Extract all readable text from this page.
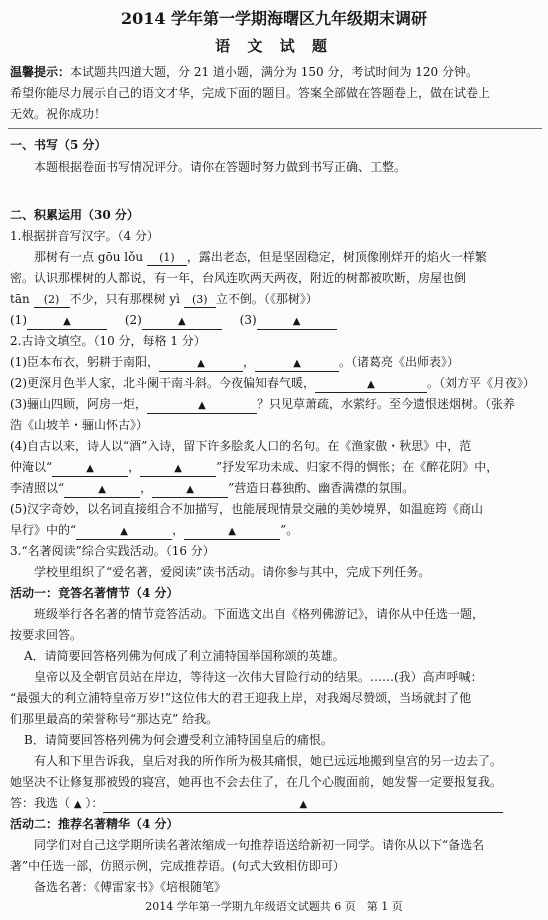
2014 学年第一学期海曙区九年级期末调研
语 文 试 题
温馨提示：本试题共四道大题，分 21 道小题，满分为 150 分，考试时间为 120 分钟。
希望你能尽力展示自己的语文才华，完成下面的题目。答案全部做在答题卷上，做在试卷上
无效。祝你成功！
一、书写（5 分）
本题根据卷面书写情况评分。请你在答题时努力做到书写正确、工整。
二、积累运用（30 分）
1.根据拼音写汉字。（4 分）
那树有一点 gōu lǒu (1) ，露出老态，但是坚固稳定，树顶像刚烊开的焰火一样繁
密。认识那棵树的人都说，有一年，台风连吹两天两夜，附近的树都被吹断，房屋也倒
tān (2) 不少，只有那棵树 yì (3) 立不倒。（《那树》）
(1)	▲	(2)	▲	(3)	▲
2.古诗文填空。（10 分，每格 1 分）
(1)臣本布衣，躬耕于南阳，	▲	，	▲	。（诸葛亮《出师表》）
(2)更深月色半人家，北斗阑干南斗斜。今夜偏知春气暖，	▲	。（刘方平《月夜》）
(3)骊山四顾，阿房一炬，	▲	？只见草萧疏，水萦纡。至今遗恨迷烟树。（张养
浩《山坡羊・骊山怀古》）
(4)自古以来，诗人以“酒”入诗，留下许多脍炙人口的名句。在《渔家傲・秋思》中，范
仲淹以“	▲	，	▲	”抒发军功未成、归家不得的惆怅；在《醉花阴》中，
李清照以“	▲	，	▲	”营造日暮独酌、幽香满襟的氛围。
(5)汉字奇妙，以名词直接组合不加描写，也能展现情景交融的美妙境界，如温庭筠《商山
早行》中的“	▲	，	▲	”。
3.“名著阅读”综合实践活动。（16 分）
学校里组织了“爱名著，爱阅读”读书活动。请你参与其中，完成下列任务。
活动一：竞答名著情节（4 分）
班级举行各名著的情节竞答活动。下面选文出自《格列佛游记》，请你从中任选一题，
按要求回答。
A．请简要回答格列佛为何成了利立浦特国举国称颂的英雄。
皇帝以及全朝官员站在岸边，等待这一次伟大冒险行动的结果。……(我）高声呼喊：
“最强大的利立浦特皇帝万岁!”这位伟大的君王迎我上岸，对我竭尽赞颂，当场就封了他
们那里最高的荣誉称号“那达克” 给我。
B．请简要回答格列佛为何会遭受利立浦特国皇后的痛恨。
有人和下里告诉我，皇后对我的所作所为极其痛恨，她已远远地搬到皇宫的另一边去了。
她坚决不让修复那被毁的寝宫，她再也不会去住了，在几个心腹面前，她发誓一定要报复我。
答：我选（ ▲ ）：	▲
活动二：推荐名著精华（4 分）
同学们对自己这学期所读名著浓缩成一句推荐语送给新初一同学。请你从以下“备选名
著”中任选一部，仿照示例，完成推荐语。(句式大致相仿即可）
备选名著：《傅雷家书》《培根随笔》
2014 学年第一学期九年级语文试题共 6 页　第 1 页
